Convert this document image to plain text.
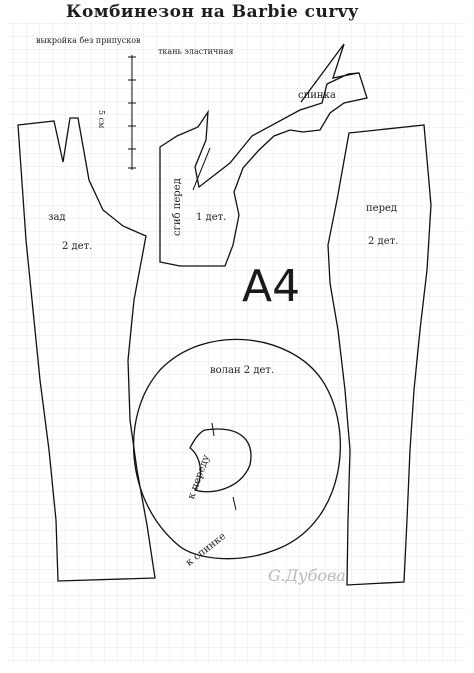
Комбинезон на Barbie curvy
выкройка без припусков
ткань эластичная
5 см
зад
2 дет.
перед
2 дет.
сгиб перед 1 дет.
спинка
A4
волан 2 дет.
к переду
к спинке
G.Дубова
